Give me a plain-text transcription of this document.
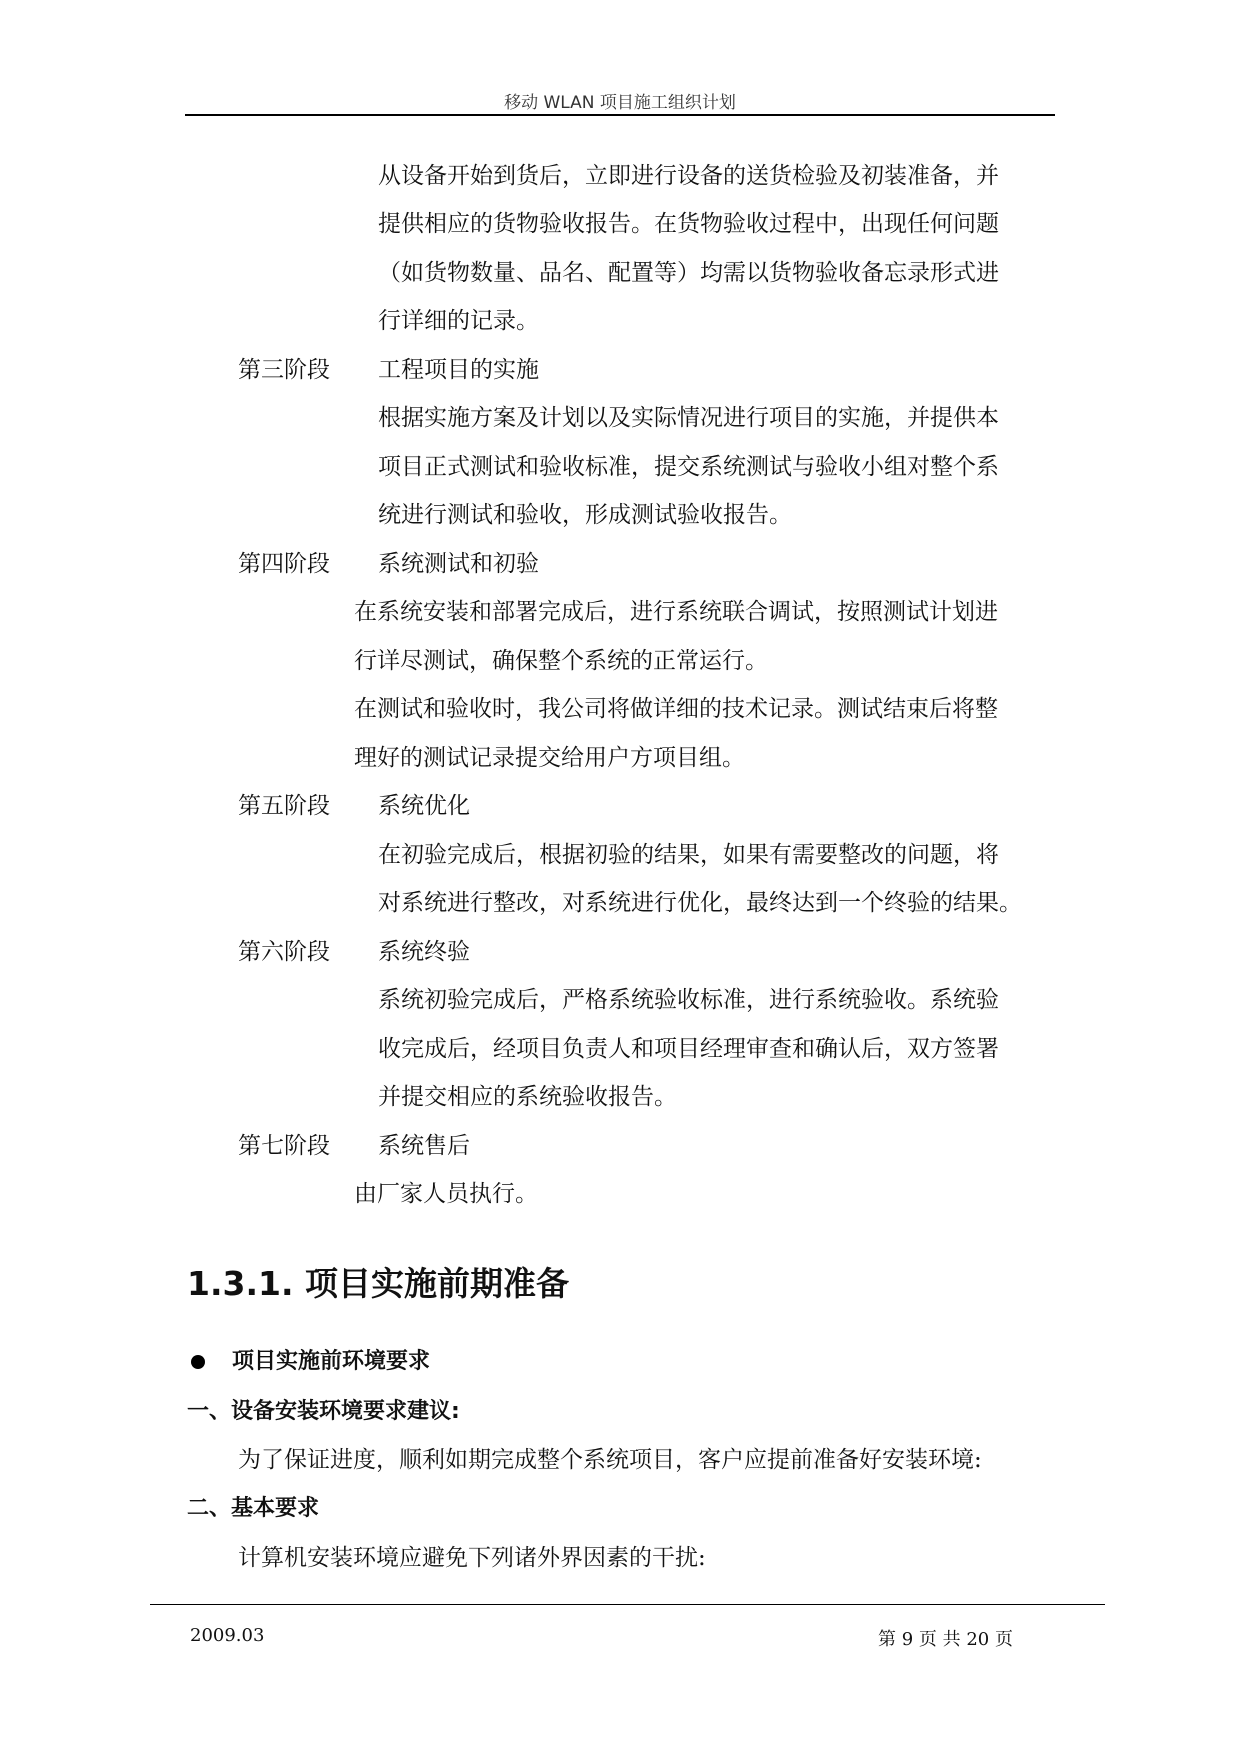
移动 WLAN 项目施工组织计划
从设备开始到货后，立即进行设备的送货检验及初装准备，并
提供相应的货物验收报告。在货物验收过程中，出现任何问题
（如货物数量、品名、配置等）均需以货物验收备忘录形式进
行详细的记录。
第三阶段 工程项目的实施
根据实施方案及计划以及实际情况进行项目的实施，并提供本
项目正式测试和验收标准，提交系统测试与验收小组对整个系
统进行测试和验收，形成测试验收报告。
第四阶段 系统测试和初验
在系统安装和部署完成后，进行系统联合调试，按照测试计划进
行详尽测试，确保整个系统的正常运行。
在测试和验收时，我公司将做详细的技术记录。测试结束后将整
理好的测试记录提交给用户方项目组。
第五阶段 系统优化
在初验完成后，根据初验的结果，如果有需要整改的问题，将
对系统进行整改，对系统进行优化，最终达到一个终验的结果。
第六阶段 系统终验
系统初验完成后，严格系统验收标准，进行系统验收。系统验
收完成后，经项目负责人和项目经理审查和确认后，双方签署
并提交相应的系统验收报告。
第七阶段 系统售后
由厂家人员执行。
1.3.1. 项目实施前期准备
项目实施前环境要求
一、设备安装环境要求建议:
为了保证进度，顺利如期完成整个系统项目，客户应提前准备好安装环境:
二、基本要求
计算机安装环境应避免下列诸外界因素的干扰:
2009.03	第 9 页 共 20 页
